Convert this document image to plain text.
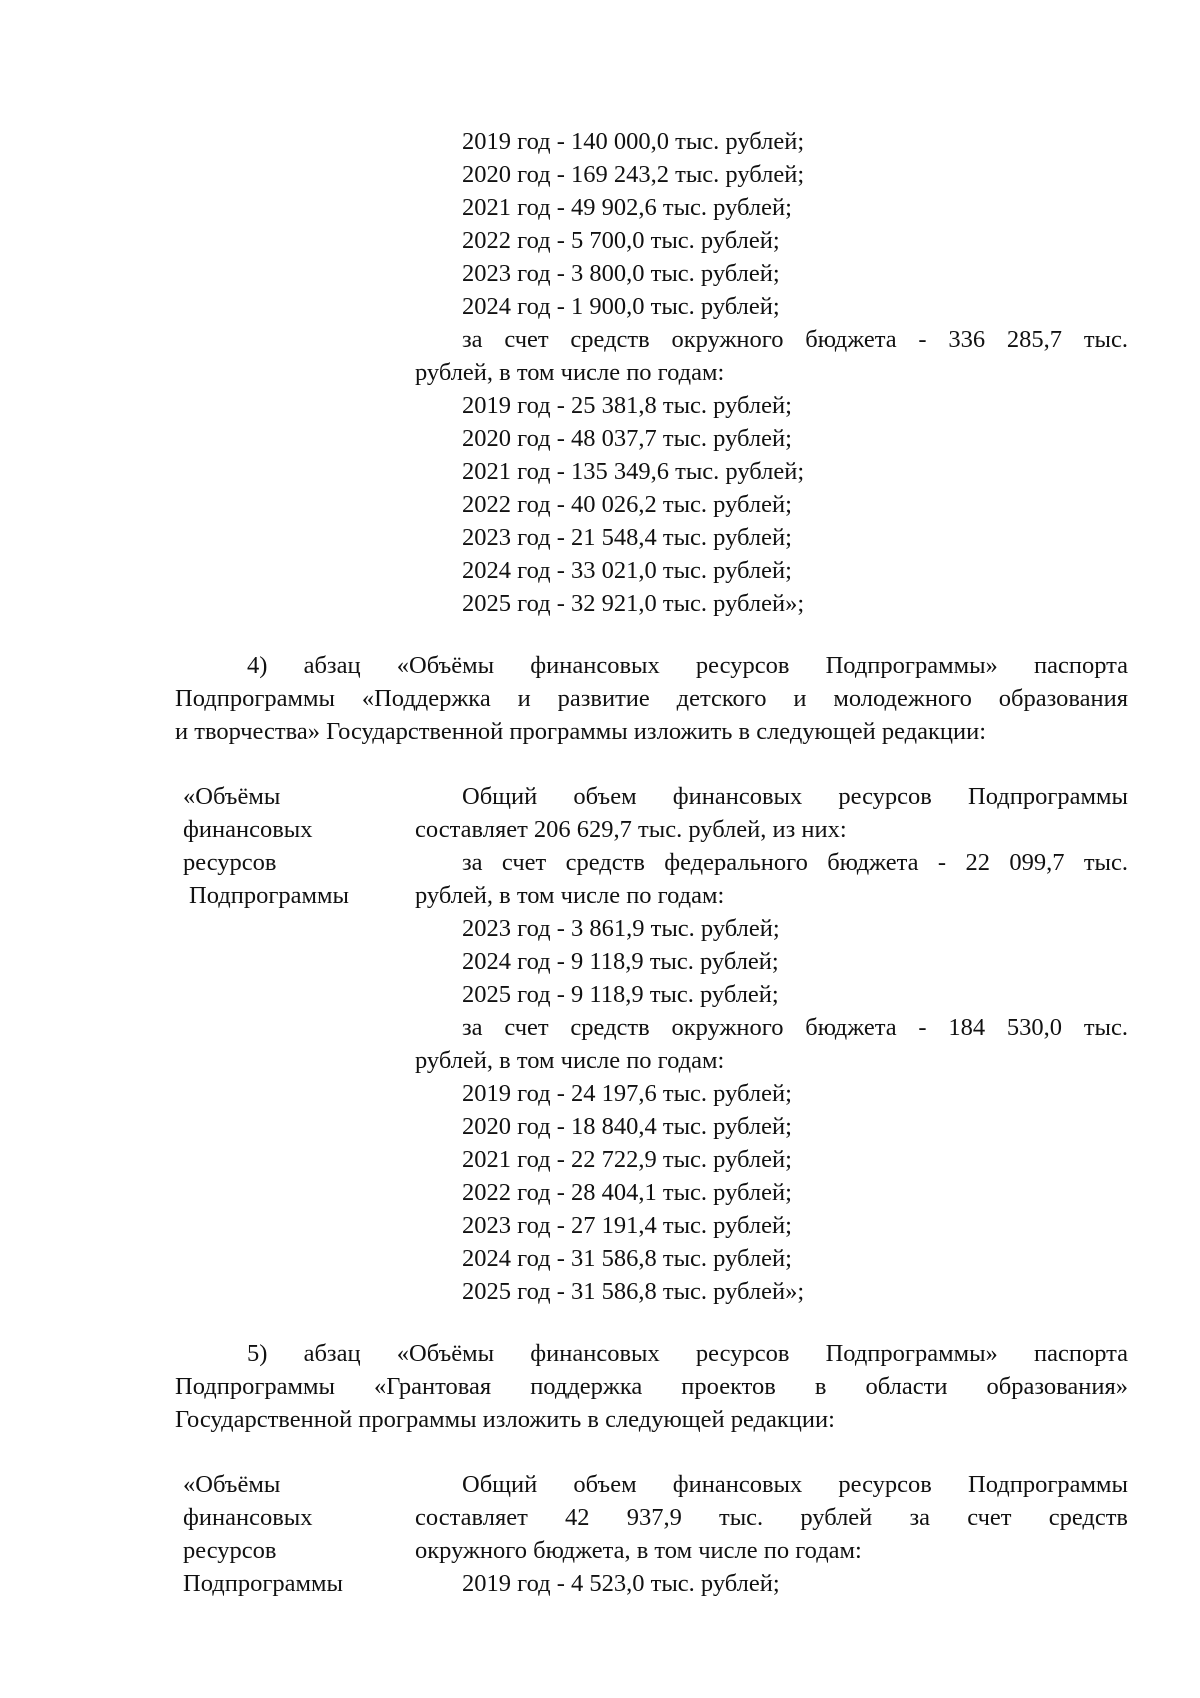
2019 год - 140 000,0 тыс. рублей;
2020 год - 169 243,2 тыс. рублей;
2021 год - 49 902,6 тыс. рублей;
2022 год - 5 700,0 тыс. рублей;
2023 год - 3 800,0 тыс. рублей;
2024 год - 1 900,0 тыс. рублей;
за счет средств окружного бюджета - 336 285,7 тыс.
рублей, в том числе по годам:
2019 год - 25 381,8 тыс. рублей;
2020 год - 48 037,7 тыс. рублей;
2021 год - 135 349,6 тыс. рублей;
2022 год - 40 026,2 тыс. рублей;
2023 год - 21 548,4 тыс. рублей;
2024 год - 33 021,0 тыс. рублей;
2025 год - 32 921,0 тыс. рублей»;
4) абзац «Объёмы финансовых ресурсов Подпрограммы» паспорта
Подпрограммы «Поддержка и развитие детского и молодежного образования
и творчества» Государственной программы изложить в следующей редакции:
«Объёмы
финансовых
ресурсов
Подпрограммы
Общий объем финансовых ресурсов Подпрограммы
составляет 206 629,7 тыс. рублей, из них:
за счет средств федерального бюджета - 22 099,7 тыс.
рублей, в том числе по годам:
2023 год - 3 861,9 тыс. рублей;
2024 год - 9 118,9 тыс. рублей;
2025 год - 9 118,9 тыс. рублей;
за счет средств окружного бюджета - 184 530,0 тыс.
рублей, в том числе по годам:
2019 год - 24 197,6 тыс. рублей;
2020 год - 18 840,4 тыс. рублей;
2021 год - 22 722,9 тыс. рублей;
2022 год - 28 404,1 тыс. рублей;
2023 год - 27 191,4 тыс. рублей;
2024 год - 31 586,8 тыс. рублей;
2025 год - 31 586,8 тыс. рублей»;
5) абзац «Объёмы финансовых ресурсов Подпрограммы» паспорта
Подпрограммы «Грантовая поддержка проектов в области образования»
Государственной программы изложить в следующей редакции:
«Объёмы
финансовых
ресурсов
Подпрограммы
Общий объем финансовых ресурсов Подпрограммы
составляет 42 937,9 тыс. рублей за счет средств
окружного бюджета, в том числе по годам:
2019 год - 4 523,0 тыс. рублей;
